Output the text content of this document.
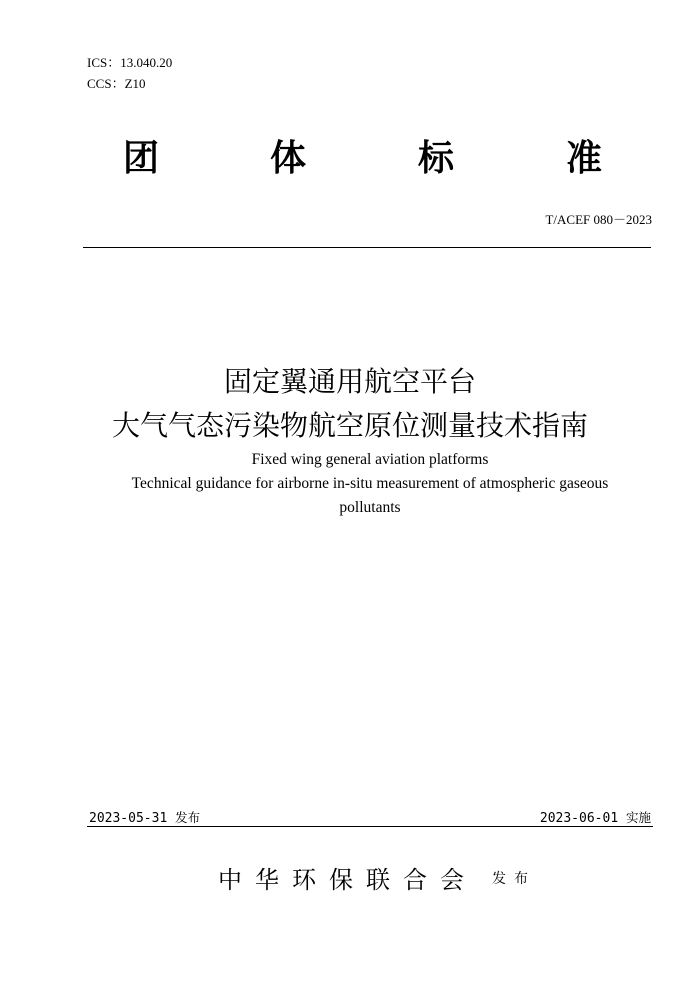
ICS：13.040.20
CCS：Z10
团	体	标	准
T/ACEF 080－2023
固定翼通用航空平台
大气气态污染物航空原位测量技术指南
Fixed wing general aviation platforms
Technical guidance for airborne in-situ measurement of atmospheric gaseous
pollutants
2023-05-31 发布	2023-06-01 实施
中华环保联合会 发布
